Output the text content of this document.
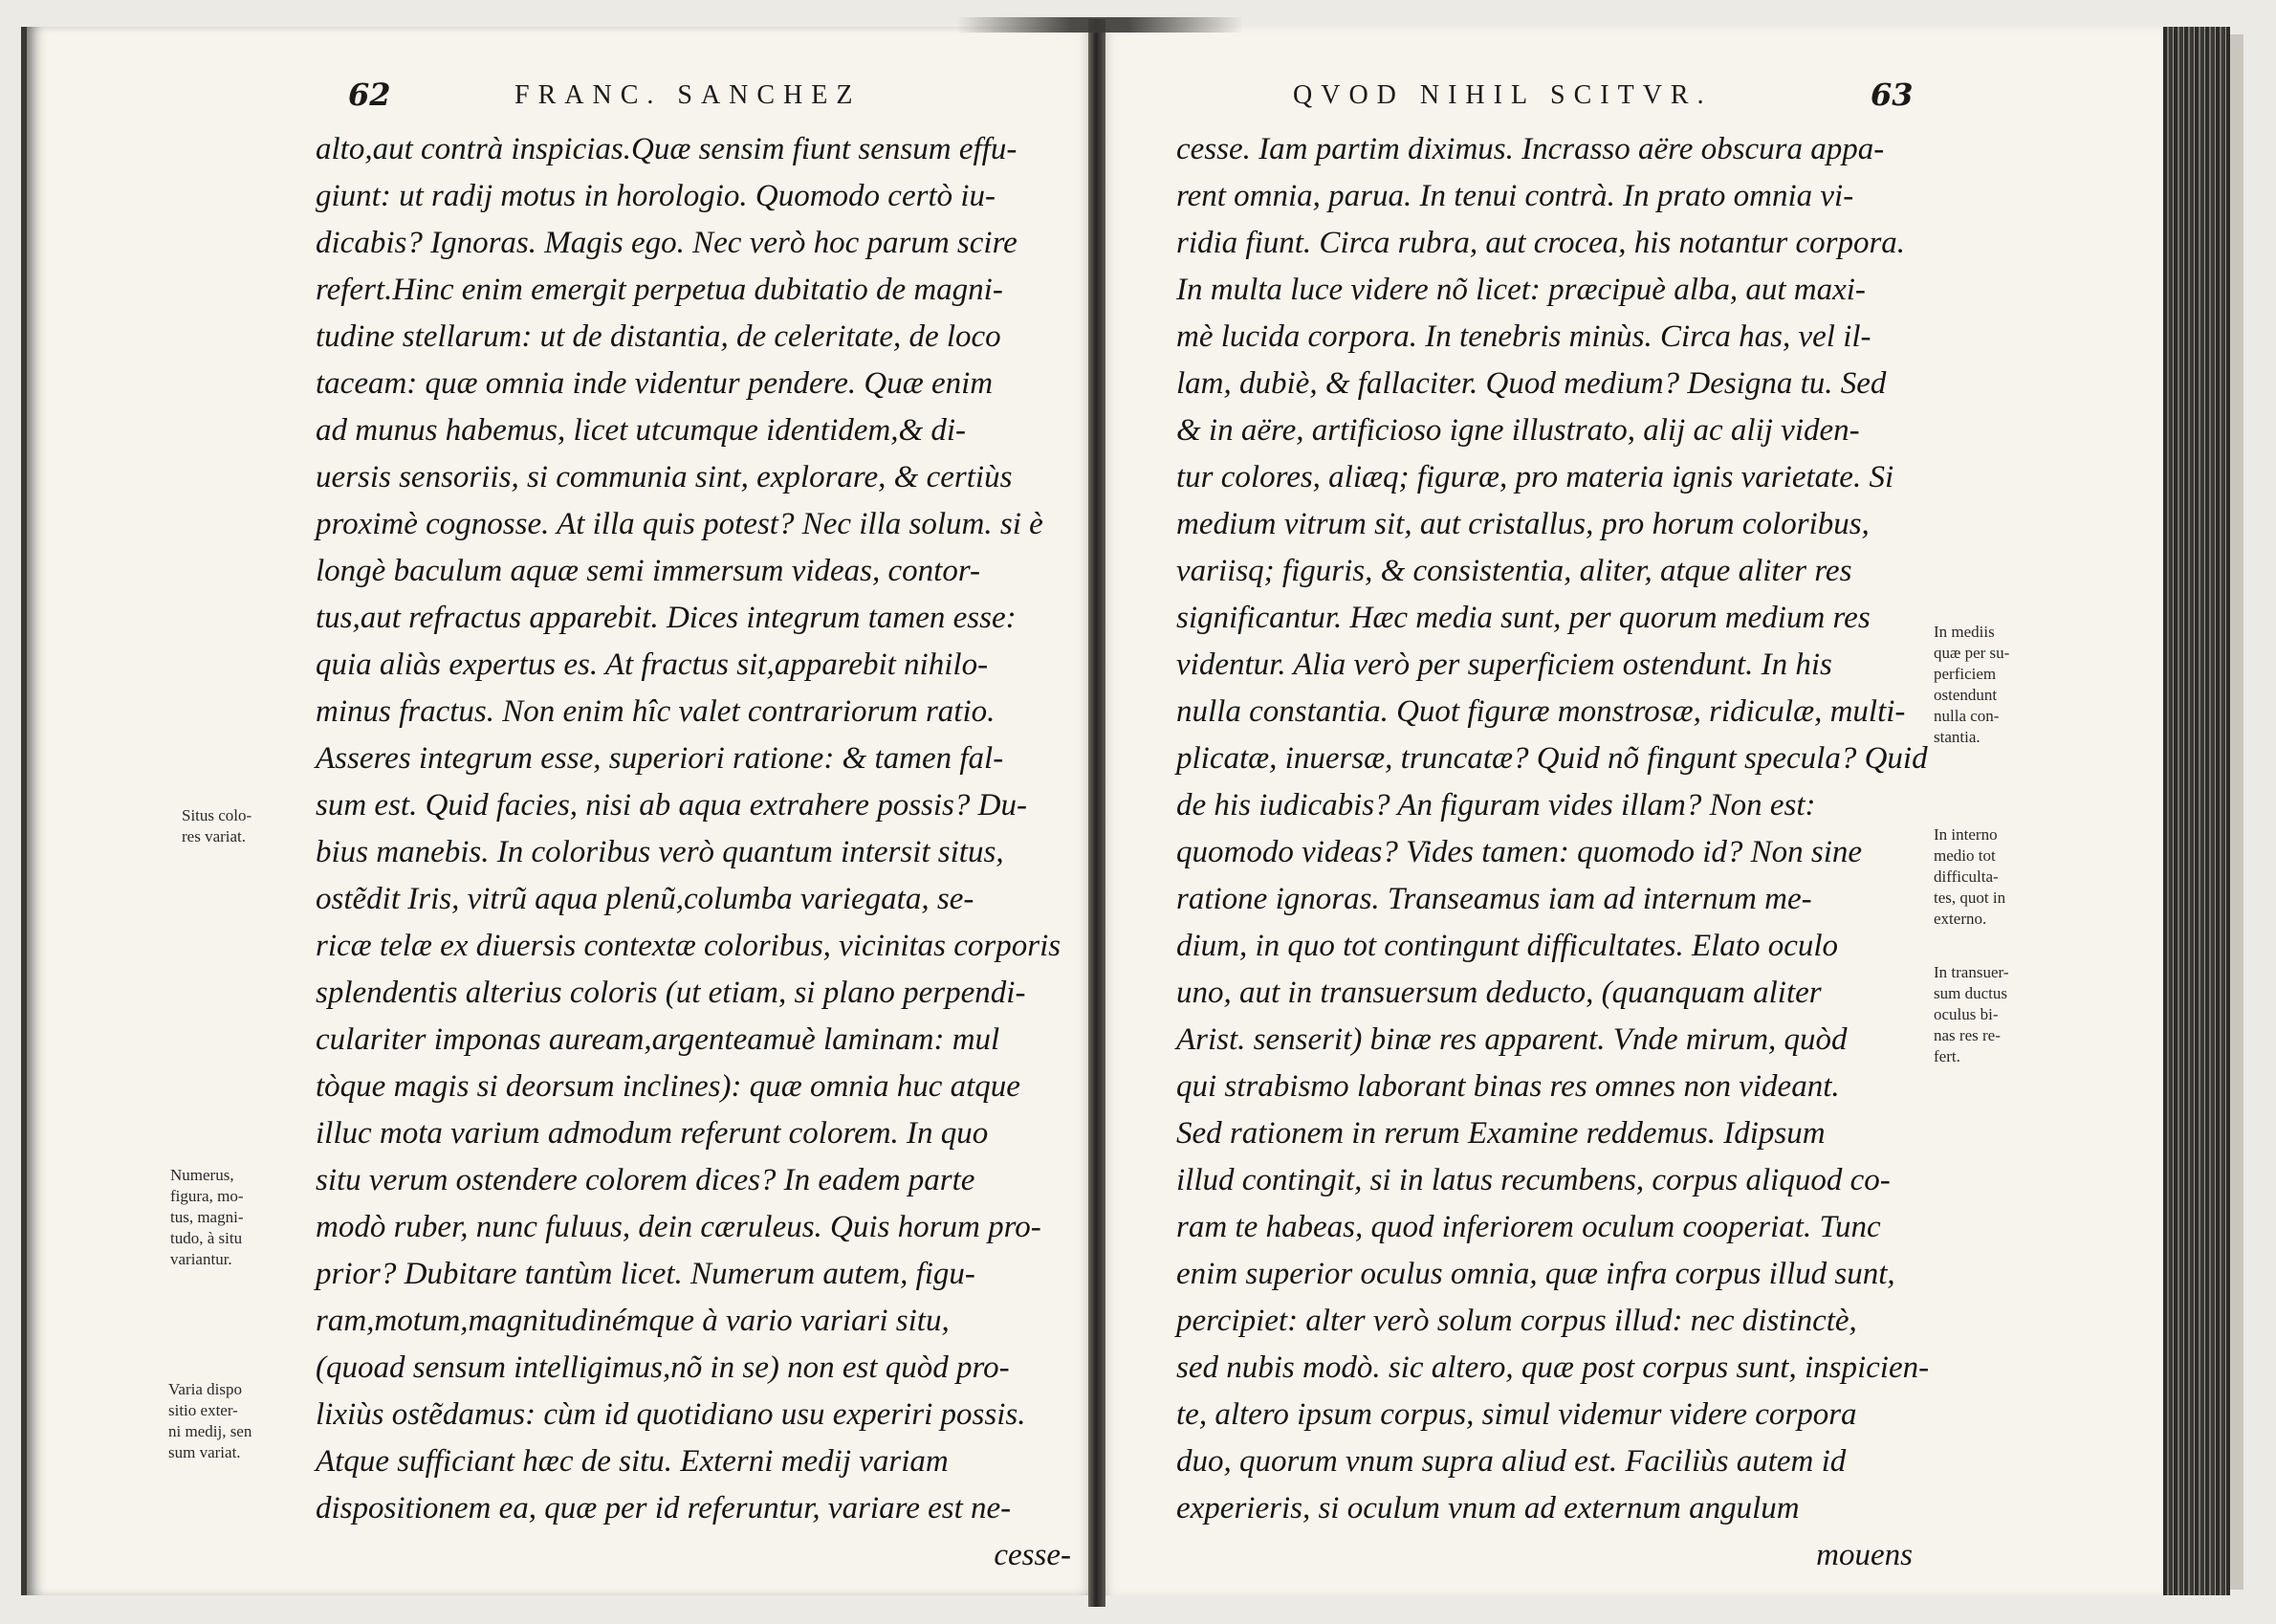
62	FRANC. SANCHEZ
alto,aut contrà inspicias.Quæ sensim fiunt sensum effu-
giunt: ut radij motus in horologio. Quomodo certò iu-
dicabis? Ignoras. Magis ego. Nec verò hoc parum scire
refert.Hinc enim emergit perpetua dubitatio de magni-
tudine stellarum: ut de distantia, de celeritate, de loco
taceam: quæ omnia inde videntur pendere. Quæ enim
ad munus habemus, licet utcumque identidem,& di-
uersis sensoriis, si communia sint, explorare, & certiùs
proximè cognosse. At illa quis potest? Nec illa solum. si è
longè baculum aquæ semi immersum videas, contor-
tus,aut refractus apparebit. Dices integrum tamen esse:
quia aliàs expertus es. At fractus sit,apparebit nihilo-
minus fractus. Non enim hîc valet contrariorum ratio.
Asseres integrum esse, superiori ratione: & tamen fal-
sum est. Quid facies, nisi ab aqua extrahere possis? Du-
bius manebis. In coloribus verò quantum intersit situs,
ostẽdit Iris, vitrũ aqua plenũ,columba variegata, se-
ricæ telæ ex diuersis contextæ coloribus, vicinitas corporis
splendentis alterius coloris (ut etiam, si plano perpendi-
culariter imponas auream,argenteamuè laminam: mul
tòque magis si deorsum inclines): quæ omnia huc atque
illuc mota varium admodum referunt colorem. In quo
situ verum ostendere colorem dices? In eadem parte
modò ruber, nunc fuluus, dein cæruleus. Quis horum pro-
prior? Dubitare tantùm licet. Numerum autem, figu-
ram,motum,magnitudinémque à vario variari situ,
(quoad sensum intelligimus,nõ in se) non est quòd pro-
lixiùs ostẽdamus: cùm id quotidiano usu experiri possis.
Atque sufficiant hæc de situ. Externi medij variam
dispositionem ea, quæ per id referuntur, variare est ne-
cesse-
Situs colo-
res variat.
Numerus,
figura, mo-
tus, magni-
tudo, à situ
variantur.
Varia dispo
sitio exter-
ni medij, sen
sum variat.
QVOD NIHIL SCITVR.	63
cesse. Iam partim diximus. Incrasso aëre obscura appa-
rent omnia, parua. In tenui contrà. In prato omnia vi-
ridia fiunt. Circa rubra, aut crocea, his notantur corpora.
In multa luce videre nõ licet: præcipuè alba, aut maxi-
mè lucida corpora. In tenebris minùs. Circa has, vel il-
lam, dubiè, & fallaciter. Quod medium? Designa tu. Sed
& in aëre, artificioso igne illustrato, alij ac alij viden-
tur colores, aliæq; figuræ, pro materia ignis varietate. Si
medium vitrum sit, aut cristallus, pro horum coloribus,
variisq; figuris, & consistentia, aliter, atque aliter res
significantur. Hæc media sunt, per quorum medium res
videntur. Alia verò per superficiem ostendunt. In his
nulla constantia. Quot figuræ monstrosæ, ridiculæ, multi-
plicatæ, inuersæ, truncatæ? Quid nõ fingunt specula? Quid
de his iudicabis? An figuram vides illam? Non est:
quomodo videas? Vides tamen: quomodo id? Non sine
ratione ignoras. Transeamus iam ad internum me-
dium, in quo tot contingunt difficultates. Elato oculo
uno, aut in transuersum deducto, (quanquam aliter
Arist. senserit) binæ res apparent. Vnde mirum, quòd
qui strabismo laborant binas res omnes non videant.
Sed rationem in rerum Examine reddemus. Idipsum
illud contingit, si in latus recumbens, corpus aliquod co-
ram te habeas, quod inferiorem oculum cooperiat. Tunc
enim superior oculus omnia, quæ infra corpus illud sunt,
percipiet: alter verò solum corpus illud: nec distinctè,
sed nubis modò. sic altero, quæ post corpus sunt, inspicien-
te, altero ipsum corpus, simul videmur videre corpora
duo, quorum vnum supra aliud est. Faciliùs autem id
experieris, si oculum vnum ad externum angulum
mouens
In mediis
quæ per su-
perficiem
ostendunt
nulla con-
stantia.
In interno
medio tot
difficulta-
tes, quot in
externo.
In transuer-
sum ductus
oculus bi-
nas res re-
fert.
